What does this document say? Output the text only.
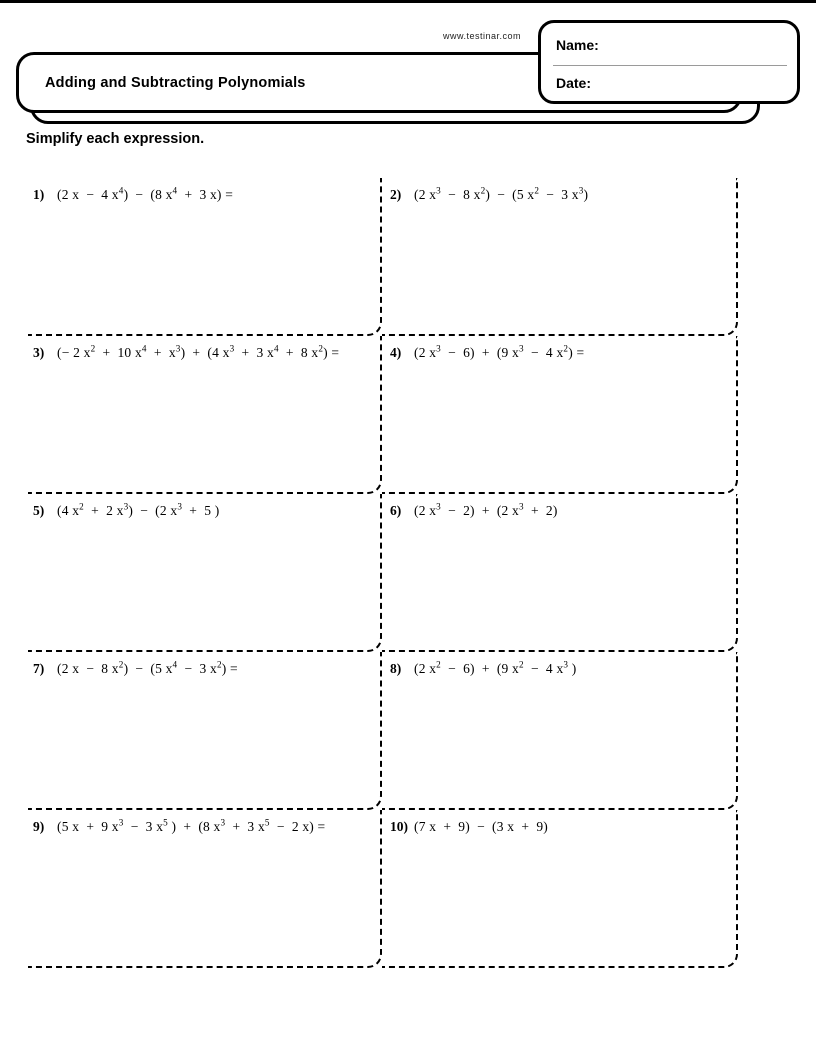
www.testinar.com
Adding and Subtracting Polynomials
Name:
Date:
Simplify each expression.
1) (2 x  −  4 $x^4) - (8$ $x^4 + 3$ x) =	2) (2 $x^3 - 8$ $x^2) - (5$ $x^2 - 3$ $x^3$)
3) (− 2 $x^2 + 10$ $x^4 + x^3) + (4$ $x^3 + 3$ $x^4 + 8$ $x^2$) =	4) (2 $x^3 - 6) + (9$ $x^3 - 4$ $x^2$) =
5) (4 $x^2 + 2$ $x^3) - (2$ $x^3 + 5$ )	6) (2 $x^3 - 2) + (2$ $x^3 + 2$)
7) (2 x  −  8 $x^2) - (5$ $x^4 - 3$ $x^2$) =	8) (2 $x^2 - 6) + (9$ $x^2 - 4$ $x^3$ )
9) (5 x  +  9 $x^3 - 3$ $x^5$ )  +  (8 $x^3 + 3$ $x^5 - 2$ x) =	10) (7 x  +  9)  −  (3 x  +  9)
